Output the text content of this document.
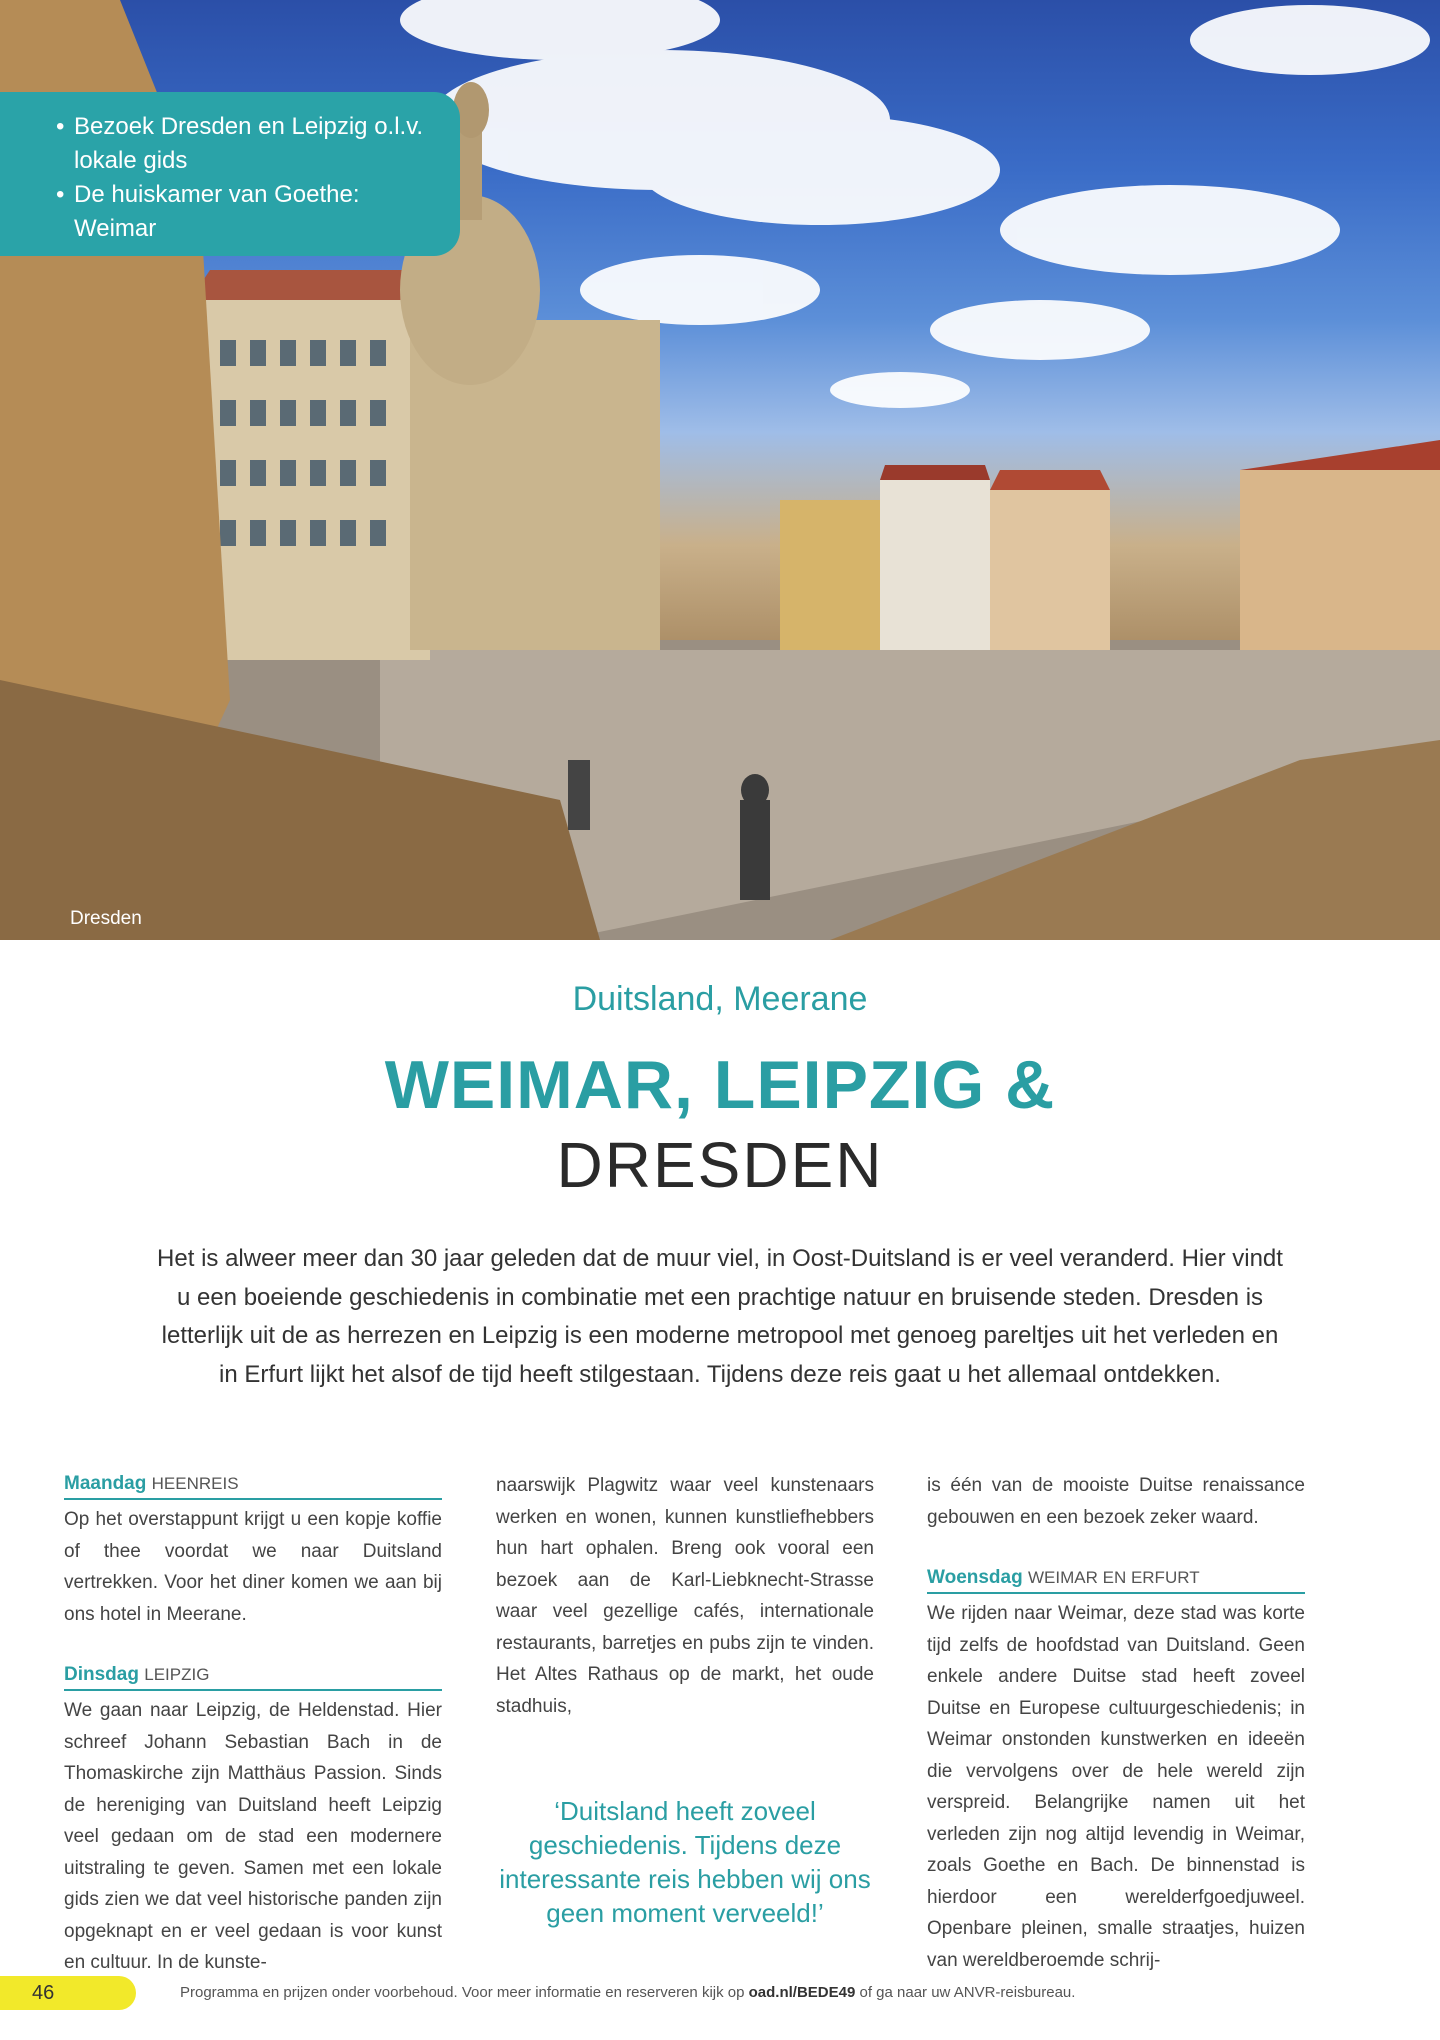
Dresden
• Bezoek Dresden en Leipzig o.l.v. lokale gids
• De huiskamer van Goethe: Weimar
Duitsland, Meerane
WEIMAR, LEIPZIG &
DRESDEN

Het is alweer meer dan 30 jaar geleden dat de muur viel, in Oost-Duitsland is er veel veranderd. Hier vindt u een boeiende geschiedenis in combinatie met een prachtige natuur en bruisende steden. Dresden is letterlijk uit de as herrezen en Leipzig is een moderne metropool met genoeg pareltjes uit het verleden en in Erfurt lijkt het alsof de tijd heeft stilgestaan. Tijdens deze reis gaat u het allemaal ontdekken.

Maandag HEENREIS

Op het overstappunt krijgt u een kopje koffie of thee voordat we naar Duitsland vertrekken. Voor het diner komen we aan bij ons hotel in Meerane.

Dinsdag LEIPZIG

We gaan naar Leipzig, de Heldenstad. Hier schreef Johann Sebastian Bach in de Thomaskirche zijn Matthäus Passion. Sinds de hereniging van Duitsland heeft Leipzig veel gedaan om de stad een modernere uitstraling te geven. Samen met een lokale gids zien we dat veel historische panden zijn opgeknapt en er veel gedaan is voor kunst en cultuur. In de kunste-

naarswijk Plagwitz waar veel kunstenaars werken en wonen, kunnen kunstliefhebbers hun hart ophalen. Breng ook vooral een bezoek aan de Karl-Liebknecht-Strasse waar veel gezellige cafés, internationale restaurants, barretjes en pubs zijn te vinden. Het Altes Rathaus op de markt, het oude stadhuis,

‘Duitsland heeft zoveel geschiedenis. Tijdens deze interessante reis hebben wij ons geen moment verveeld!’

is één van de mooiste Duitse renaissance gebouwen en een bezoek zeker waard.

Woensdag WEIMAR EN ERFURT

We rijden naar Weimar, deze stad was korte tijd zelfs de hoofdstad van Duitsland. Geen enkele andere Duitse stad heeft zoveel Duitse en Europese cultuurgeschiedenis; in Weimar onstonden kunstwerken en ideeën die vervolgens over de hele wereld zijn verspreid. Belangrijke namen uit het verleden zijn nog altijd levendig in Weimar, zoals Goethe en Bach. De binnenstad is hierdoor een werelderfgoedjuweel. Openbare pleinen, smalle straatjes, huizen van wereldberoemde schrij-

46	Programma en prijzen onder voorbehoud. Voor meer informatie en reserveren kijk op oad.nl/BEDE49 of ga naar uw ANVR-reisbureau.
